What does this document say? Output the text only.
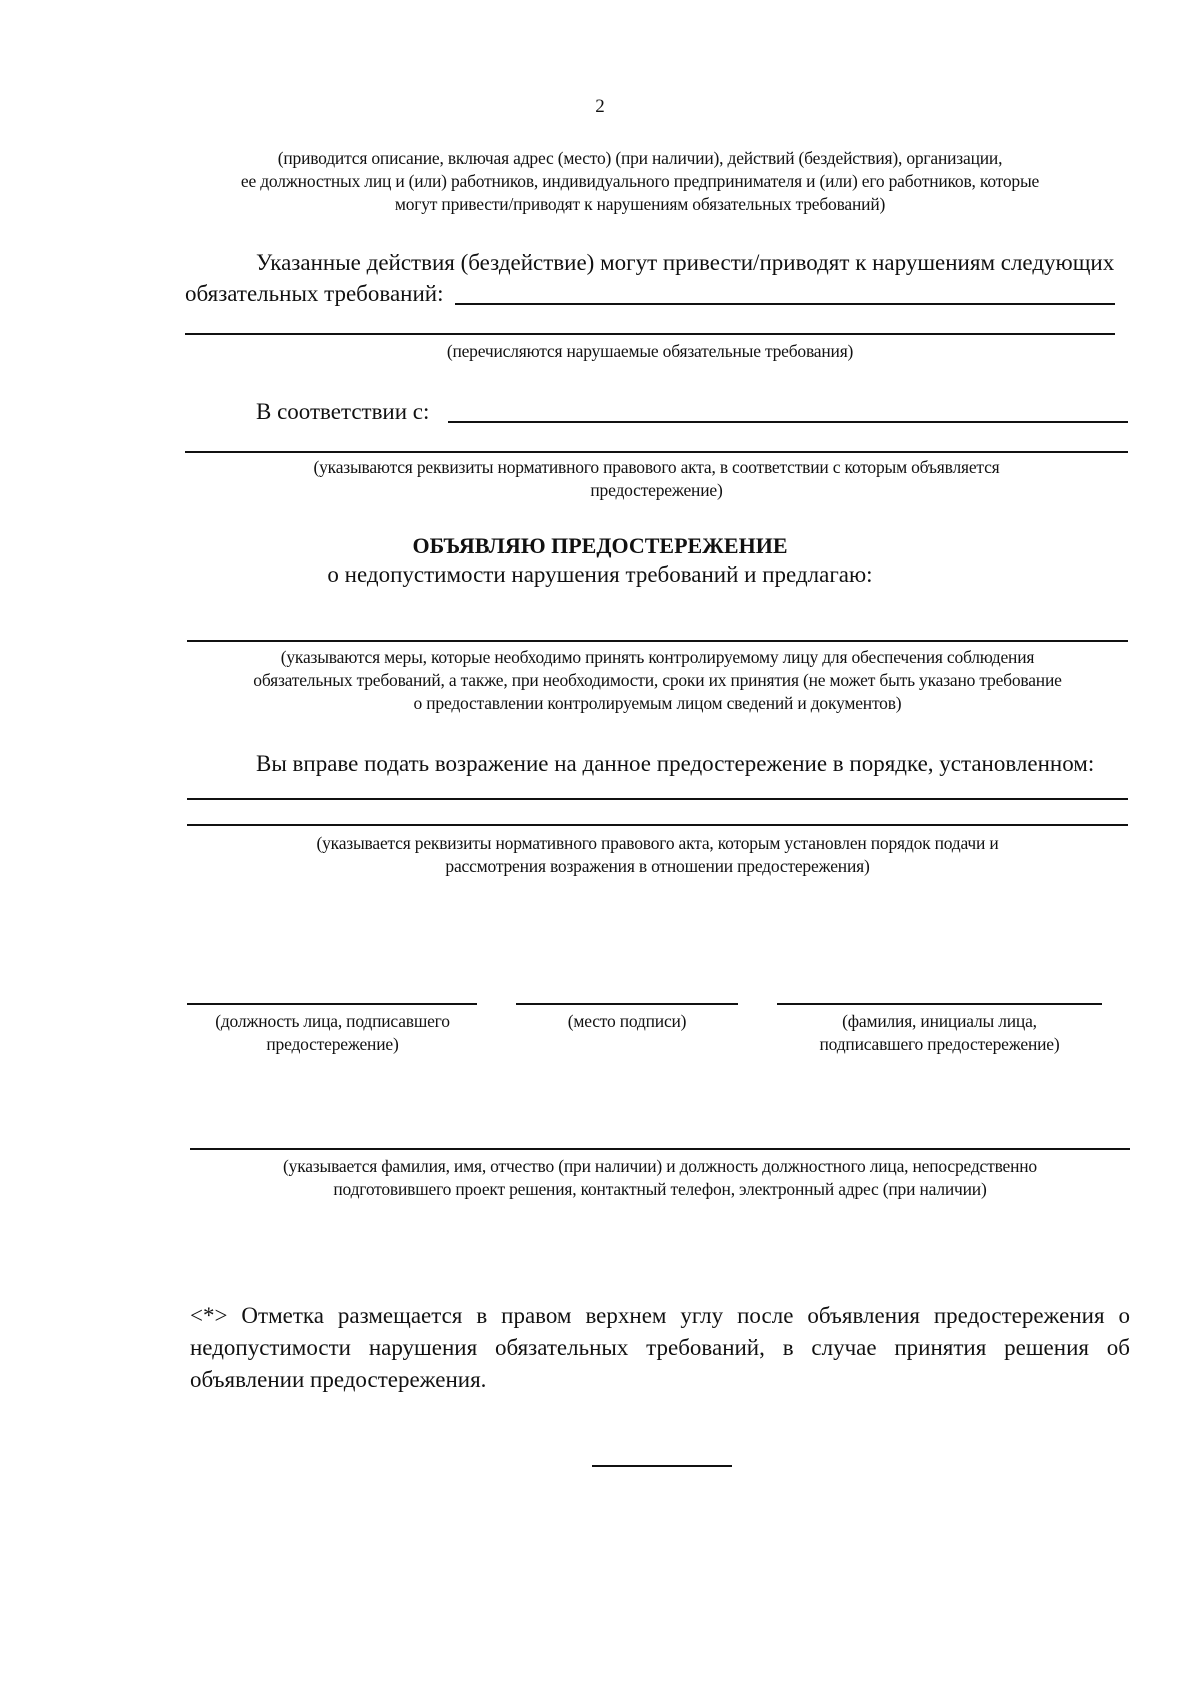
2
(приводится описание, включая адрес (место) (при наличии), действий (бездействия), организации,
ее должностных лиц и (или) работников, индивидуального предпринимателя и (или) его работников, которые
могут привести/приводят к нарушениям обязательных требований)
Указанные действия (бездействие) могут привести/приводят к нарушениям следующих
обязательных требований:
(перечисляются нарушаемые обязательные требования)
В соответствии с:
(указываются реквизиты нормативного правового акта, в соответствии с которым объявляется
предостережение)
ОБЪЯВЛЯЮ ПРЕДОСТЕРЕЖЕНИЕ
о недопустимости нарушения требований и предлагаю:
(указываются меры, которые необходимо принять контролируемому лицу для обеспечения соблюдения
обязательных требований, а также, при необходимости, сроки их принятия (не может быть указано требование
о предоставлении контролируемым лицом сведений и документов)
Вы вправе подать возражение на данное предостережение в порядке, установленном:
(указывается реквизиты нормативного правового акта, которым установлен порядок подачи и
рассмотрения возражения в отношении предостережения)
(должность лица, подписавшего
предостережение)
(место подписи)	(фамилия, инициалы лица,
подписавшего предостережение)
(указывается фамилия, имя, отчество (при наличии) и должность должностного лица, непосредственно
подготовившего проект решения, контактный телефон, электронный адрес (при наличии)
<*> Отметка размещается в правом верхнем углу после объявления предостережения о недопустимости нарушения обязательных требований, в случае принятия решения об объявлении предостережения.
